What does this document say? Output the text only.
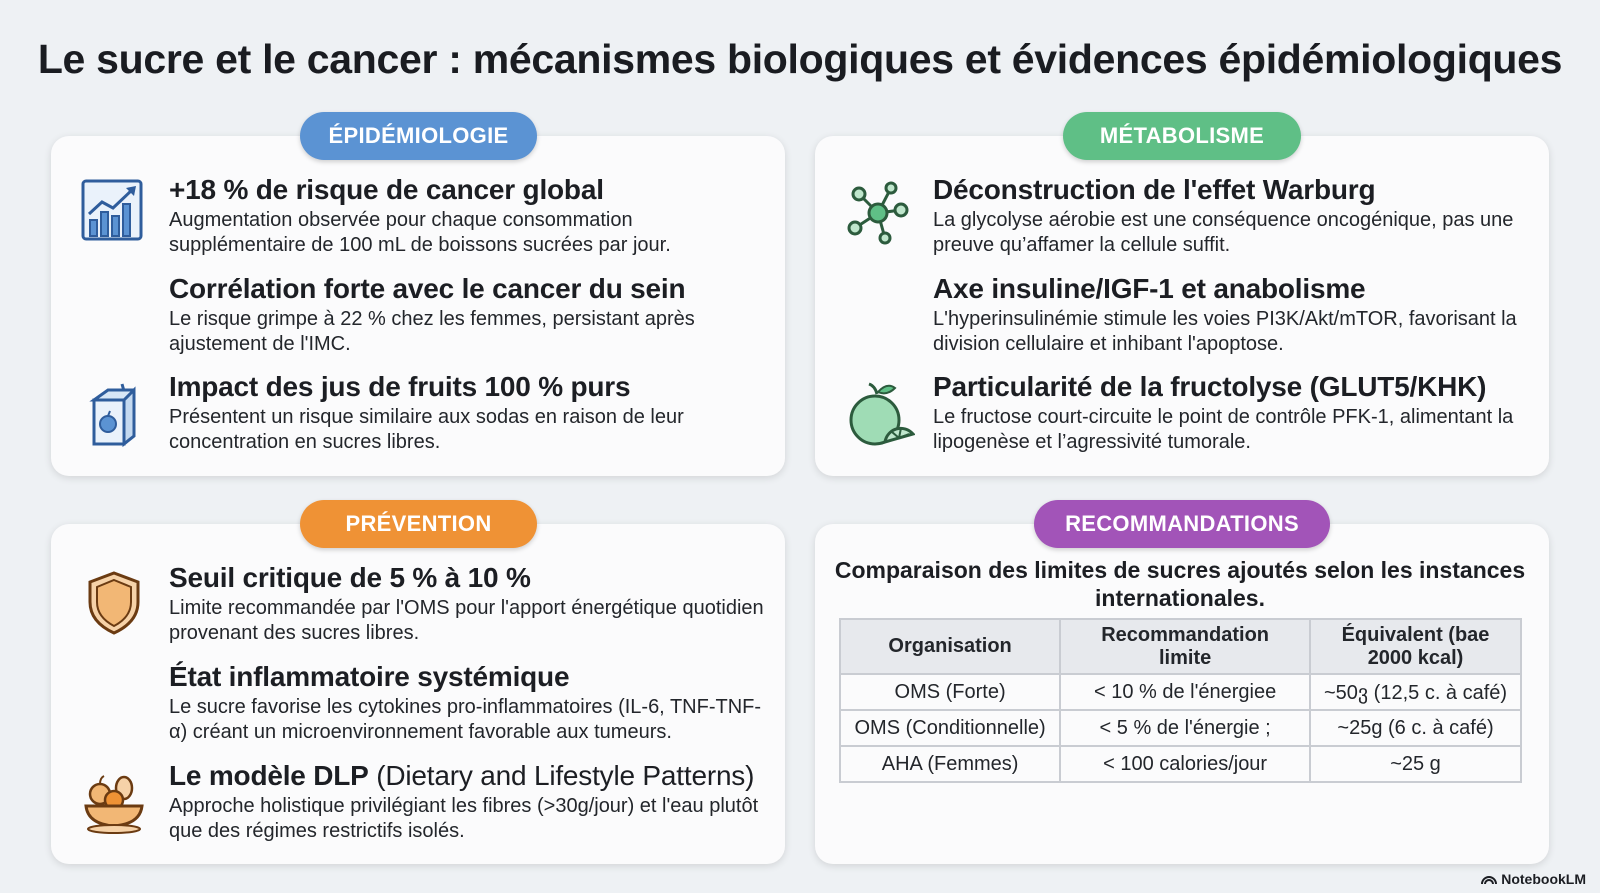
Le sucre et le cancer : mécanismes biologiques et évidences épidémiologiques
ÉPIDÉMIOLOGIE
+18 % de risque de cancer global

Augmentation observée pour chaque consommation supplémentaire de 100 mL de boissons sucrées par jour.

Corrélation forte avec le cancer du sein

Le risque grimpe à 22 % chez les femmes, persistant après ajustement de l'IMC.

Impact des jus de fruits 100 % purs

Présentent un risque similaire aux sodas en raison de leur concentration en sucres libres.

MÉTABOLISME
Déconstruction de l'effet Warburg

La glycolyse aérobie est une conséquence oncogénique, pas une preuve qu’affamer la cellule suffit.

Axe insuline/IGF-1 et anabolisme

L'hyperinsulinémie stimule les voies PI3K/Akt/mTOR, favorisant la division cellulaire et inhibant l'apoptose.

Particularité de la fructolyse (GLUT5/KHK)

Le fructose court-circuite le point de contrôle PFK-1, alimentant la lipogenèse et l’agressivité tumorale.

PRÉVENTION
Seuil critique de 5 % à 10 %

Limite recommandée par l'OMS pour l'apport énergétique quotidien provenant des sucres libres.

État inflammatoire systémique

Le sucre favorise les cytokines pro-inflammatoires (IL-6, TNF-TNF-α) créant un microenvironnement favorable aux tumeurs.

Le modèle DLP (Dietary and Lifestyle Patterns)

Approche holistique privilégiant les fibres (>30g/jour) et l'eau plutôt que des régimes restrictifs isolés.

RECOMMANDATIONS
Comparaison des limites de sucres ajoutés selon les instances internationales.
Organisation	Recommandation limite	Équivalent (bae 2000 kcal)
OMS (Forte)	< 10 % de l'énergiee	~50ვ (12,5 c. à café)
OMS (Conditionnelle)	< 5 % de l'énergie ;	~25g (6 c. à café)
AHA (Femmes)	< 100 calories/jour	~25 g
NotebookLM
